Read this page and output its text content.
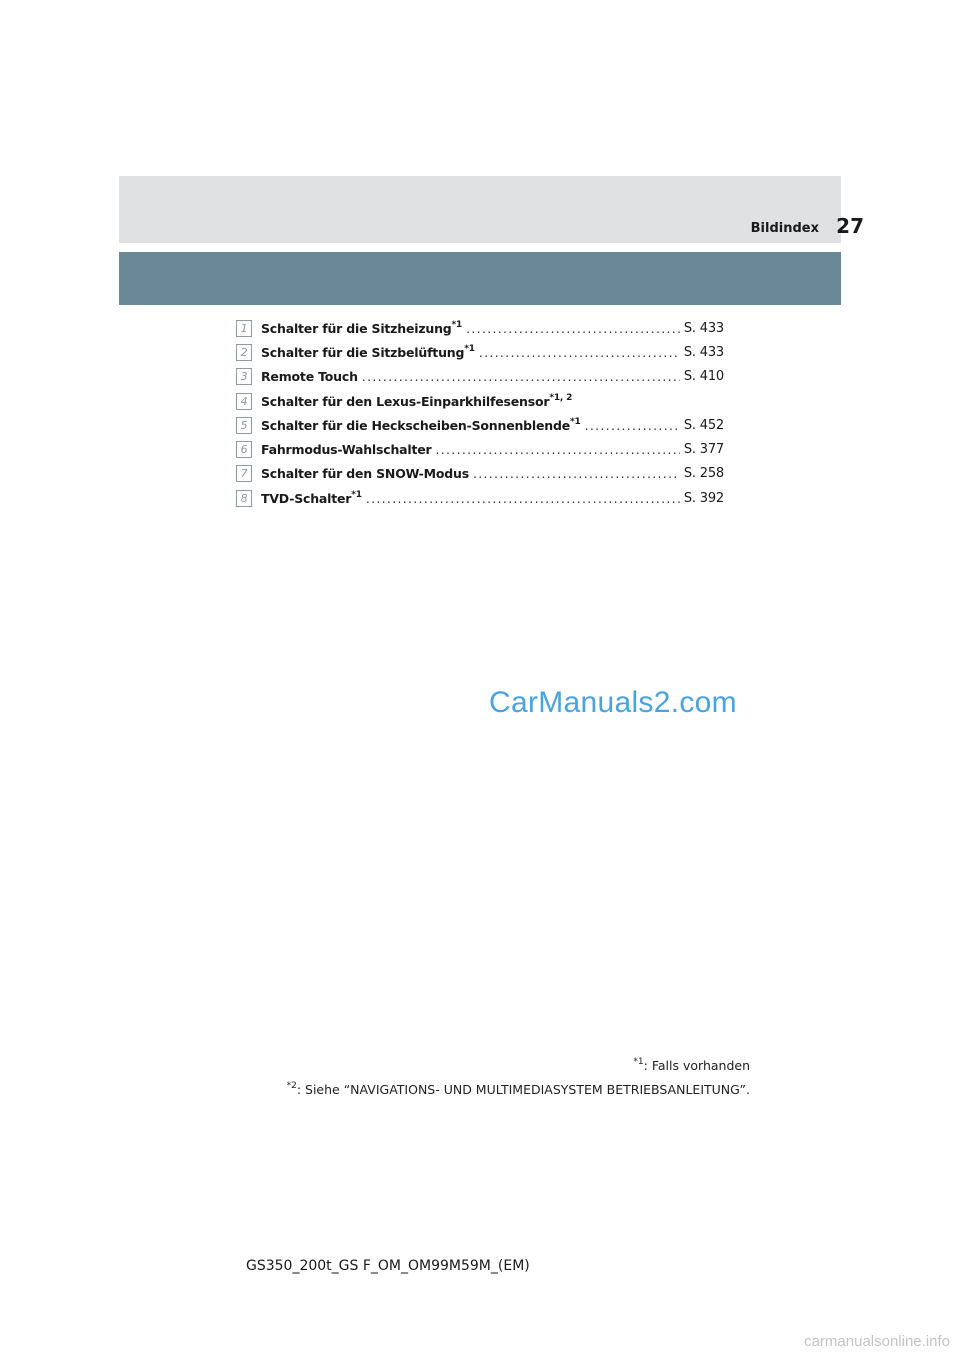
Bildindex 27
1	Schalter für die Sitzheizung$^{*1}$ .....	S. 433
2	Schalter für die Sitzbelüftung$^{*1}$ .....	S. 433
3	Remote Touch .....	S. 410
4	Schalter für den Lexus-Einparkhilfesensor$^{*1, 2}$
5	Schalter für die Heckscheiben-Sonnenblende$^{*1}$ .....	S. 452
6	Fahrmodus-Wahlschalter .....	S. 377
7	Schalter für den SNOW-Modus .....	S. 258
8	TVD-Schalter$^{*1}$ .....	S. 392
CarManuals2.com
$^{*1}$: Falls vorhanden
$^{*2}$: Siehe “NAVIGATIONS- UND MULTIMEDIASYSTEM BETRIEBSANLEITUNG”.
GS350_200t_GS F_OM_OM99M59M_(EM)
carmanualsonline.info
